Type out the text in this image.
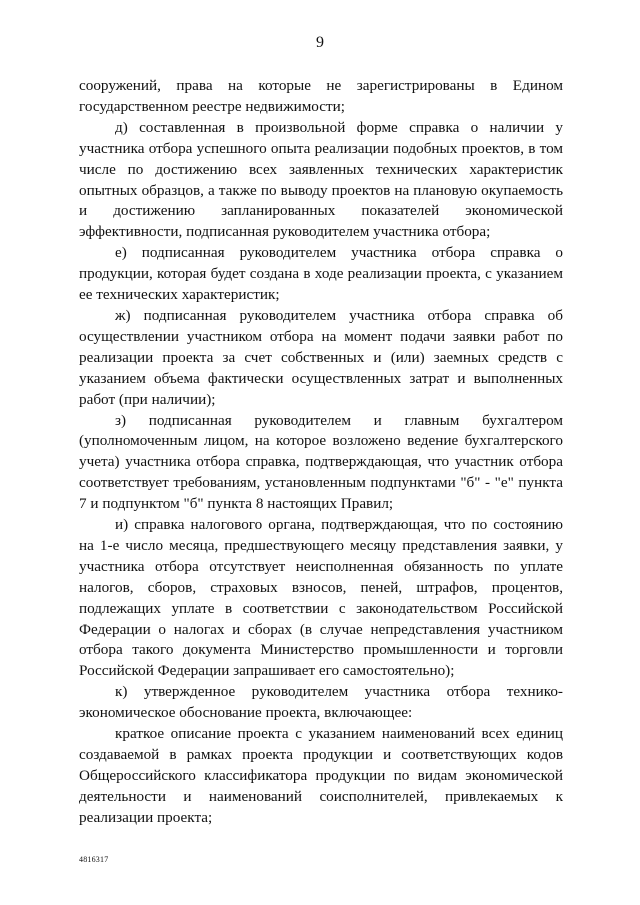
9

сооружений, права на которые не зарегистрированы в Едином государственном реестре недвижимости;

д) составленная в произвольной форме справка о наличии у участника отбора успешного опыта реализации подобных проектов, в том числе по достижению всех заявленных технических характеристик опытных образцов, а также по выводу проектов на плановую окупаемость и достижению запланированных показателей экономической эффективности, подписанная руководителем участника отбора;

е) подписанная руководителем участника отбора справка о продукции, которая будет создана в ходе реализации проекта, с указанием ее технических характеристик;

ж) подписанная руководителем участника отбора справка об осуществлении участником отбора на момент подачи заявки работ по реализации проекта за счет собственных и (или) заемных средств с указанием объема фактически осуществленных затрат и выполненных работ (при наличии);

з) подписанная руководителем и главным бухгалтером (уполномоченным лицом, на которое возложено ведение бухгалтерского учета) участника отбора справка, подтверждающая, что участник отбора соответствует требованиям, установленным подпунктами "б" - "е" пункта 7 и подпунктом "б" пункта 8 настоящих Правил;

и) справка налогового органа, подтверждающая, что по состоянию на 1-е число месяца, предшествующего месяцу представления заявки, у участника отбора отсутствует неисполненная обязанность по уплате налогов, сборов, страховых взносов, пеней, штрафов, процентов, подлежащих уплате в соответствии с законодательством Российской Федерации о налогах и сборах (в случае непредставления участником отбора такого документа Министерство промышленности и торговли Российской Федерации запрашивает его самостоятельно);

к) утвержденное руководителем участника отбора технико-экономическое обоснование проекта, включающее:

краткое описание проекта с указанием наименований всех единиц создаваемой в рамках проекта продукции и соответствующих кодов Общероссийского классификатора продукции по видам экономической деятельности и наименований соисполнителей, привлекаемых к реализации проекта;

4816317
